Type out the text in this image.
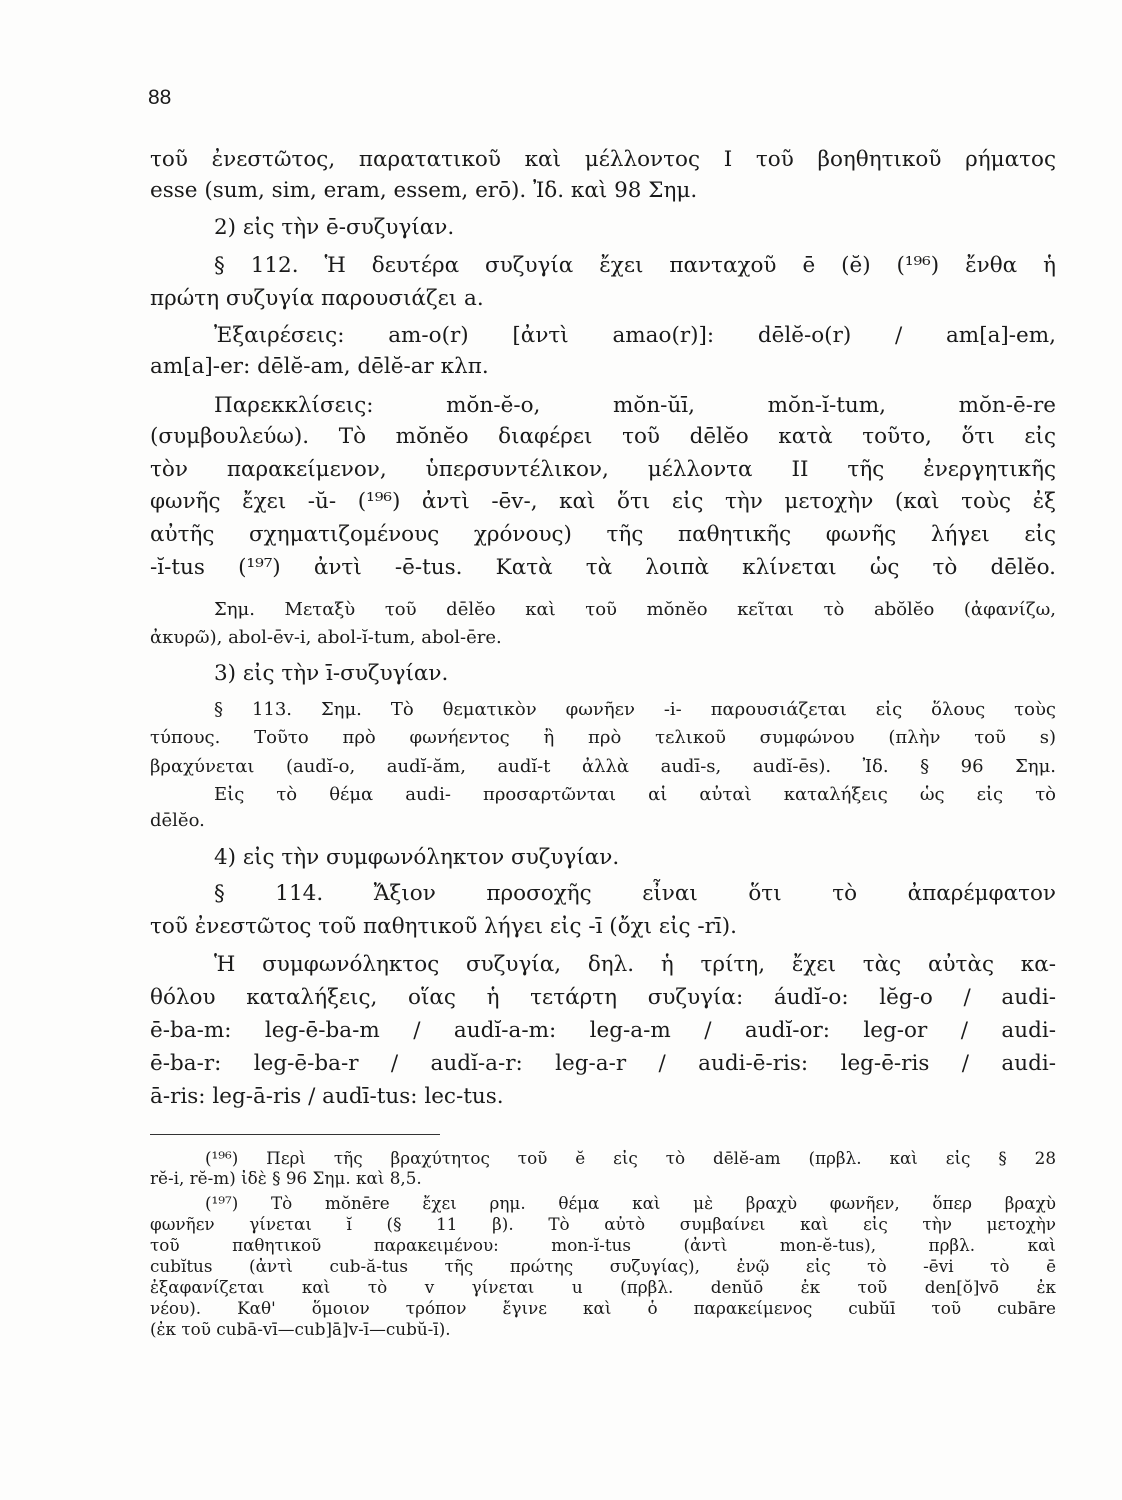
88
τοῦ ἐνεστῶτος, παρατατικοῦ καὶ μέλλοντος I τοῦ βοηθητικοῦ ρήματος
esse (sum, sim, eram, essem, erō). Ἰδ. καὶ 98 Σημ.
2) εἰς τὴν ē-συζυγίαν.
§ 112. Ἡ δευτέρα συζυγία ἔχει πανταχοῦ ē (ĕ) (¹⁹⁶) ἔνθα ἡ
πρώτη συζυγία παρουσιάζει a.
Ἐξαιρέσεις: am-o(r) [ἀντὶ amao(r)]: dēlĕ-o(r) / am[a]-em,
am[a]-er: dēlĕ-am, dēlĕ-ar κλπ.
Παρεκκλίσεις: mŏn-ĕ-o, mŏn-ŭī, mŏn-ĭ-tum, mŏn-ē-re
(συμβουλεύω). Τὸ mŏnĕo διαφέρει τοῦ dēlĕo κατὰ τοῦτο, ὅτι εἰς
τὸν παρακείμενον, ὑπερσυντέλικον, μέλλοντα II τῆς ἐνεργητικῆς
φωνῆς ἔχει -ŭ- (¹⁹⁶) ἀντὶ -ēv-, καὶ ὅτι εἰς τὴν μετοχὴν (καὶ τοὺς ἐξ
αὐτῆς σχηματιζομένους χρόνους) τῆς παθητικῆς φωνῆς λήγει εἰς
-ĭ-tus (¹⁹⁷) ἀντὶ -ē-tus. Κατὰ τὰ λοιπὰ κλίνεται ὡς τὸ dēlĕo.
Σημ. Μεταξὺ τοῦ dēlĕo καὶ τοῦ mŏnĕo κεῖται τὸ abŏlĕo (ἀφανίζω,
ἀκυρῶ), abol-ēv-i, abol-ĭ-tum, abol-ēre.
3) εἰς τὴν ī-συζυγίαν.
§ 113. Σημ. Τὸ θεματικὸν φωνῆεν -i- παρουσιάζεται εἰς ὅλους τοὺς
τύπους. Τοῦτο πρὸ φωνήεντος ἢ πρὸ τελικοῦ συμφώνου (πλὴν τοῦ s)
βραχύνεται (audĭ-o, audĭ-ăm, audĭ-t ἀλλὰ audī-s, audĭ-ēs). Ἰδ. § 96 Σημ.
Εἰς τὸ θέμα audi- προσαρτῶνται αἱ αὐταὶ καταλήξεις ὡς εἰς τὸ
dēlĕo.
4) εἰς τὴν συμφωνόληκτον συζυγίαν.
§ 114. Ἄξιον προσοχῆς εἶναι ὅτι τὸ ἀπαρέμφατον
τοῦ ἐνεστῶτος τοῦ παθητικοῦ λήγει εἰς -ī (ὄχι εἰς -rī).
Ἡ συμφωνόληκτος συζυγία, δηλ. ἡ τρίτη, ἔχει τὰς αὐτὰς κα-
θόλου καταλήξεις, οἵας ἡ τετάρτη συζυγία: áudĭ-o: lĕg-o / audi-
ē-ba-m: leg-ē-ba-m / audĭ-a-m: leg-a-m / audĭ-or: leg-or / audi-
ē-ba-r: leg-ē-ba-r / audĭ-a-r: leg-a-r / audi-ē-ris: leg-ē-ris / audi-
ā-ris: leg-ā-ris / audī-tus: lec-tus.
(¹⁹⁶) Περὶ τῆς βραχύτητος τοῦ ĕ εἰς τὸ dēlĕ-am (πρβλ. καὶ εἰς § 28
rĕ-i, rĕ-m) ἰδὲ § 96 Σημ. καὶ 8,5.
(¹⁹⁷) Τὸ mŏnēre ἔχει ρημ. θέμα καὶ μὲ βραχὺ φωνῆεν, ὅπερ βραχὺ
φωνῆεν γίνεται ĭ (§ 11 β). Τὸ αὐτὸ συμβαίνει καὶ εἰς τὴν μετοχὴν
τοῦ παθητικοῦ παρακειμένου: mon-ĭ-tus (ἀντὶ mon-ĕ-tus), πρβλ. καὶ
cubĭtus (ἀντὶ cub-ă-tus τῆς πρώτης συζυγίας), ἐνῷ εἰς τὸ -ēvi τὸ ē
ἐξαφανίζεται καὶ τὸ v γίνεται u (πρβλ. denŭō ἐκ τοῦ den[ŏ]vō ἐκ
νέου). Καθ' ὅμοιον τρόπον ἔγινε καὶ ὁ παρακείμενος cubŭī τοῦ cubāre
(ἐκ τοῦ cubā-vī—cub]ā]v-ī—cubŭ-ī).
